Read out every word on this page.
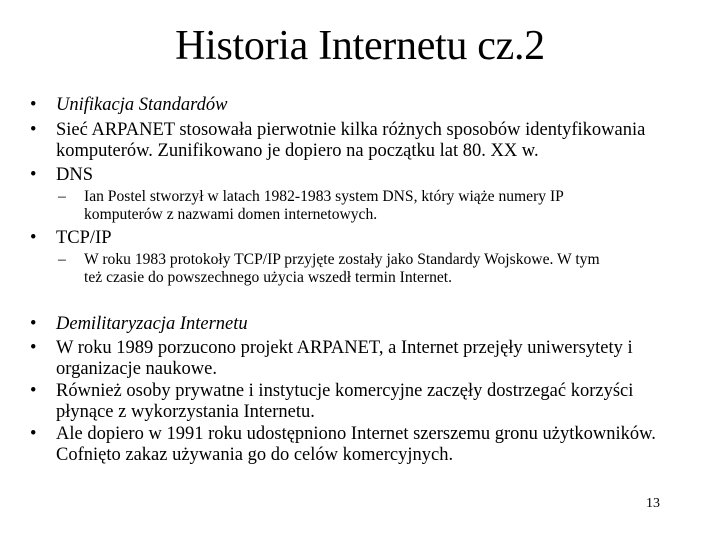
Historia Internetu cz.2
•	Unifikacja Standardów
•	Sieć ARPANET stosowała pierwotnie kilka różnych sposobów identyfikowania
komputerów. Zunifikowano je dopiero na początku lat 80. XX w.
•	DNS
– Ian Postel stworzył w latach 1982-1983 system DNS, który wiąże numery IP
komputerów z nazwami domen internetowych.
•	TCP/IP
– W roku 1983 protokoły TCP/IP przyjęte zostały jako Standardy Wojskowe. W tym
też czasie do powszechnego użycia wszedł termin Internet.
•	Demilitaryzacja Internetu
•	W roku 1989 porzucono projekt ARPANET, a Internet przejęły uniwersytety i
organizacje naukowe.
•	Również osoby prywatne i instytucje komercyjne zaczęły dostrzegać korzyści
płynące z wykorzystania Internetu.
•	Ale dopiero w 1991 roku udostępniono Internet szerszemu gronu użytkowników.
Cofnięto zakaz używania go do celów komercyjnych.
13
